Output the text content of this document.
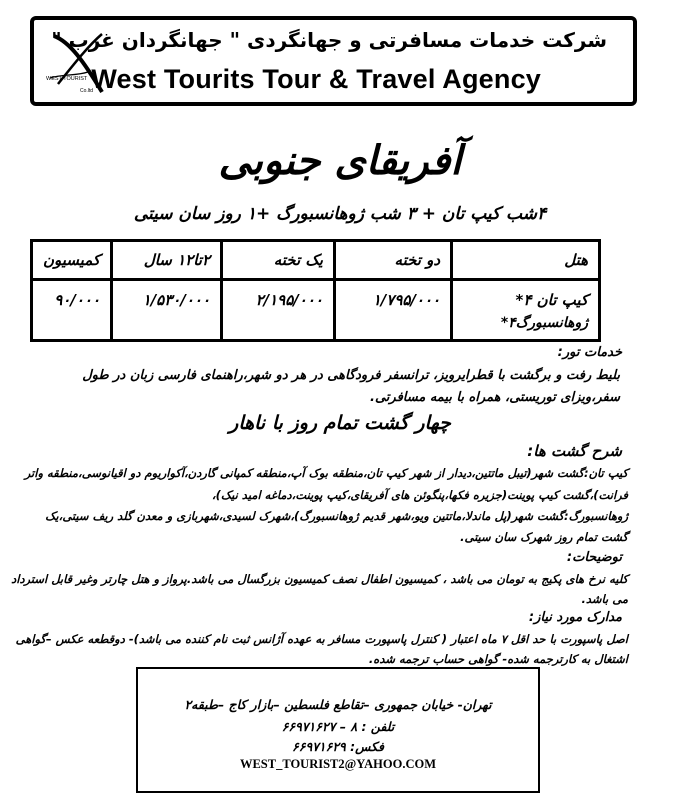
WEST TOURIST
Co.ltd
شرکت خدمات مسافرتی و جهانگردی " جهانگردان غرب "
West Tourits Tour & Travel Agency
آفریقای جنوبی
۴شب کیپ تان + ۳ شب ژوهانسبورگ +۱ روز سان سیتی
هتل	دو تخته	یک تخته	۲تا۱۲ سال	کمیسیون

کیپ تان ۴*
ژوهانسبورگ۴*	۱/۷۹۵/۰۰۰	۲/۱۹۵/۰۰۰	۱/۵۳۰/۰۰۰	۹۰/۰۰۰
خدمات تور:
بلیط رفت و برگشت با قطرایرویز، ترانسفر فرودگاهی در هر دو شهر،راهنمای فارسی زبان در طول
سفر،ویزای توریستی، همراه با بیمه مسافرتی.
چهار گشت تمام روز با ناهار
شرح گشت ها:
کیپ تان:گشت شهر(تیبل ماتتین،دیدار از شهر کیپ تان،منطقه بوک آپ،منطقه کمپانی گاردن،آکواریوم دو اقیانوسی،منطقه واتر
فرانت)،گشت کیپ پوینت(جزیره فکها،پنگوئن های آفریقای،کیپ پوینت،دماغه امید نیک)،
ژوهانسبورگ:گشت شهر(پل ماندلا،ماتتین ویو،شهر قدیم ژوهانسبورگ)،شهرک لسیدی،شهربازی و معدن گلد ریف سیتی،یک
گشت تمام روز شهرک سان سیتی.
توضیحات:
کلیه نرخ های پکیج به تومان می باشد ، کمیسیون اطفال نصف کمیسیون بزرگسال می باشد.پرواز و هتل چارتر وغیر قابل استرداد
می باشد.
مدارک مورد نیاز:
اصل پاسپورت با حد اقل ۷ ماه اعتبار ( کنترل پاسپورت مسافر به عهده آژانس ثبت نام کننده می باشد)- دوقطعه عکس –گواهی
اشتغال به کارترجمه شده- گواهی حساب ترجمه شده.
تهران- خیابان جمهوری –تقاطع فلسطین –بازار کاج –طبقه۲
تلفن : ۸ – ۶۶۹۷۱۶۲۷
فکس: ۶۶۹۷۱۶۲۹
WEST_TOURIST2@YAHOO.COM
